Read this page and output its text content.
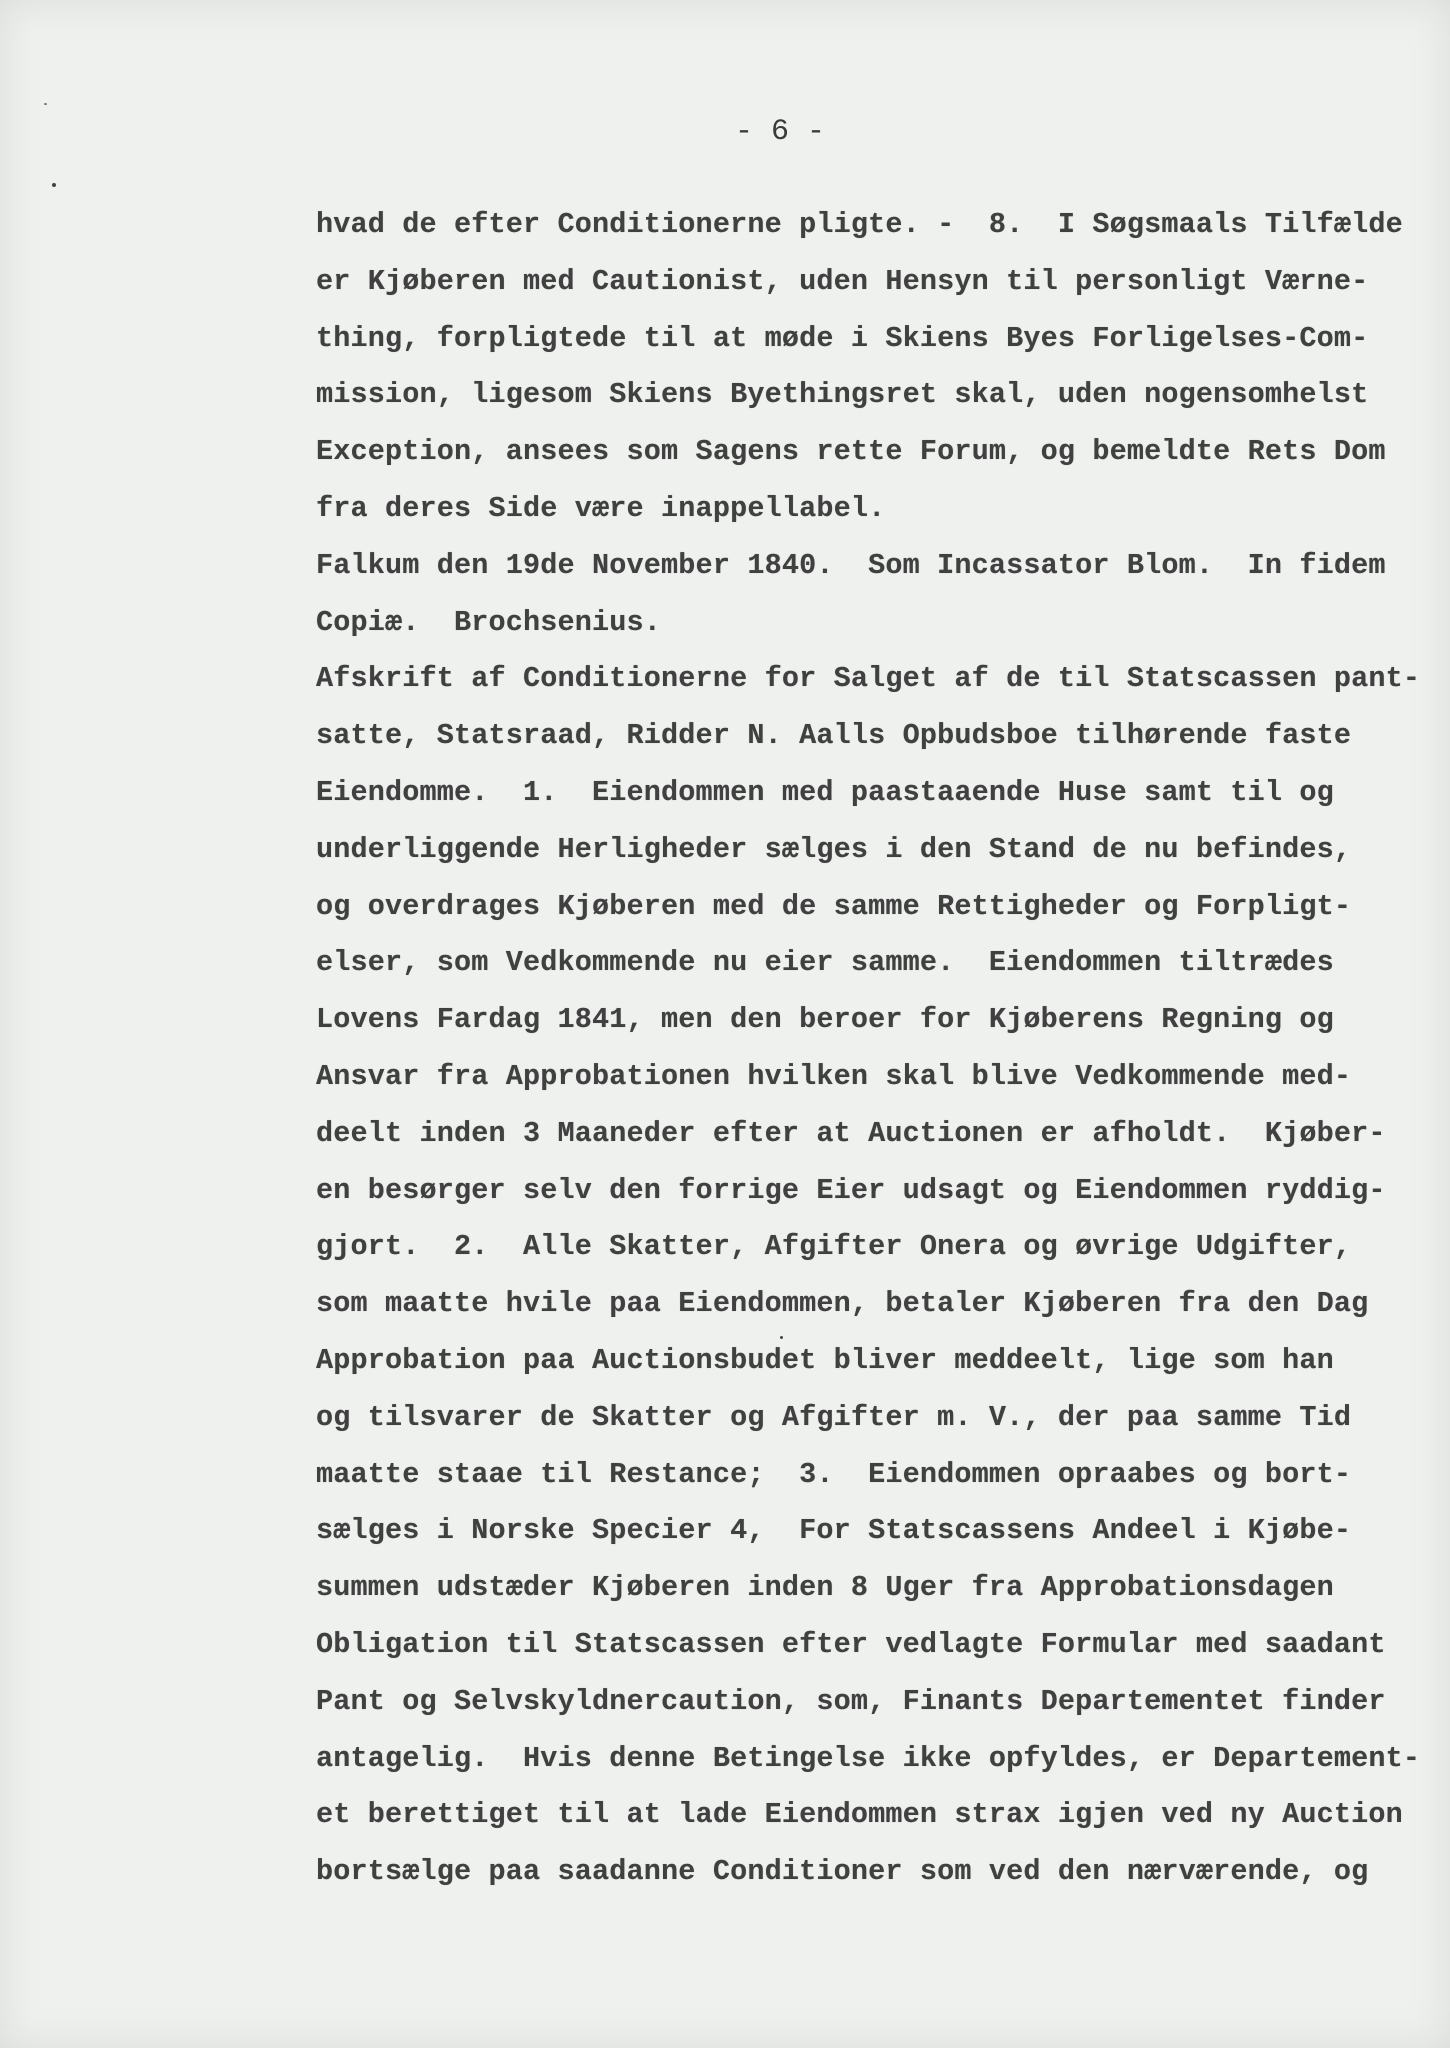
- 6 -
hvad de efter Conditionerne pligte. -  8.  I Søgsmaals Tilfælde
er Kjøberen med Cautionist, uden Hensyn til personligt Værne-
thing, forpligtede til at møde i Skiens Byes Forligelses-Com-
mission, ligesom Skiens Byethingsret skal, uden nogensomhelst
Exception, ansees som Sagens rette Forum, og bemeldte Rets Dom
fra deres Side være inappellabel.
Falkum den 19de November 1840.  Som Incassator Blom.  In fidem
Copiæ.  Brochsenius.
Afskrift af Conditionerne for Salget af de til Statscassen pant-
satte, Statsraad, Ridder N. Aalls Opbudsboe tilhørende faste
Eiendomme.  1.  Eiendommen med paastaaende Huse samt til og
underliggende Herligheder sælges i den Stand de nu befindes,
og overdrages Kjøberen med de samme Rettigheder og Forpligt-
elser, som Vedkommende nu eier samme.  Eiendommen tiltrædes
Lovens Fardag 1841, men den beroer for Kjøberens Regning og
Ansvar fra Approbationen hvilken skal blive Vedkommende med-
deelt inden 3 Maaneder efter at Auctionen er afholdt.  Kjøber-
en besørger selv den forrige Eier udsagt og Eiendommen ryddig-
gjort.  2.  Alle Skatter, Afgifter Onera og øvrige Udgifter,
som maatte hvile paa Eiendommen, betaler Kjøberen fra den Dag
Approbation paa Auctionsbudet bliver meddeelt, lige som han
og tilsvarer de Skatter og Afgifter m. V., der paa samme Tid
maatte staae til Restance;  3.  Eiendommen opraabes og bort-
sælges i Norske Specier 4,  For Statscassens Andeel i Kjøbe-
summen udstæder Kjøberen inden 8 Uger fra Approbationsdagen
Obligation til Statscassen efter vedlagte Formular med saadant
Pant og Selvskyldnercaution, som, Finants Departementet finder
antagelig.  Hvis denne Betingelse ikke opfyldes, er Departement-
et berettiget til at lade Eiendommen strax igjen ved ny Auction
bortsælge paa saadanne Conditioner som ved den nærværende, og
